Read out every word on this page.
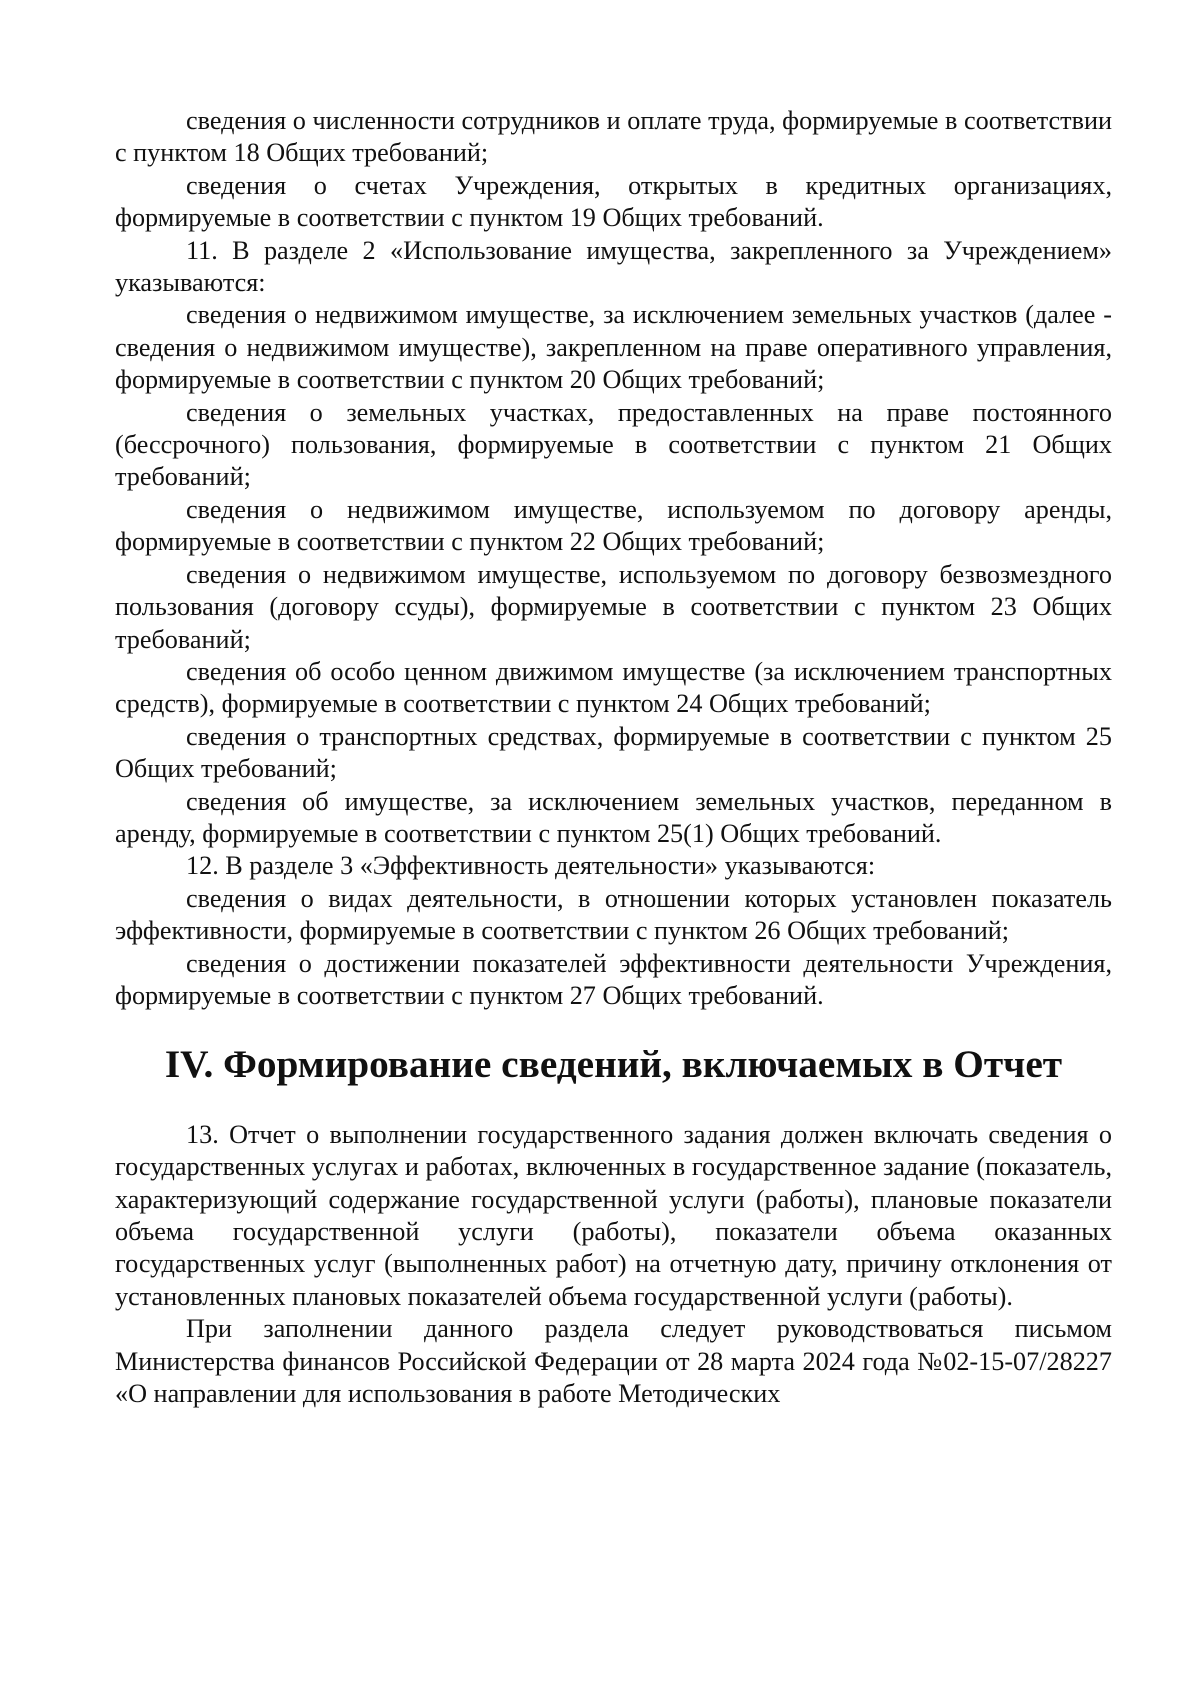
сведения о численности сотрудников и оплате труда, формируемые в соответствии с пунктом 18 Общих требований;

сведения о счетах Учреждения, открытых в кредитных организациях, формируемые в соответствии с пунктом 19 Общих требований.

11. В разделе 2 «Использование имущества, закрепленного за Учреждением» указываются:

сведения о недвижимом имуществе, за исключением земельных участков (далее - сведения о недвижимом имуществе), закрепленном на праве оперативного управления, формируемые в соответствии с пунктом 20 Общих требований;

сведения о земельных участках, предоставленных на праве постоянного (бессрочного) пользования, формируемые в соответствии с пунктом 21 Общих требований;

сведения о недвижимом имуществе, используемом по договору аренды, формируемые в соответствии с пунктом 22 Общих требований;

сведения о недвижимом имуществе, используемом по договору безвозмездного пользования (договору ссуды), формируемые в соответствии с пунктом 23 Общих требований;

сведения об особо ценном движимом имуществе (за исключением транспортных средств), формируемые в соответствии с пунктом 24 Общих требований;

сведения о транспортных средствах, формируемые в соответствии с пунктом 25 Общих требований;

сведения об имуществе, за исключением земельных участков, переданном в аренду, формируемые в соответствии с пунктом 25(1) Общих требований.

12. В разделе 3 «Эффективность деятельности» указываются:

сведения о видах деятельности, в отношении которых установлен показатель эффективности, формируемые в соответствии с пунктом 26 Общих требований;

сведения о достижении показателей эффективности деятельности Учреждения, формируемые в соответствии с пунктом 27 Общих требований.

IV. Формирование сведений, включаемых в Отчет

13. Отчет о выполнении государственного задания должен включать сведения о государственных услугах и работах, включенных в государственное задание (показатель, характеризующий содержание государственной услуги (работы), плановые показатели объема государственной услуги (работы), показатели объема оказанных государственных услуг (выполненных работ) на отчетную дату, причину отклонения от установленных плановых показателей объема государственной услуги (работы).

При заполнении данного раздела следует руководствоваться письмом Министерства финансов Российской Федерации от 28 марта 2024 года №02-15-07/28227 «О направлении для использования в работе Методических
